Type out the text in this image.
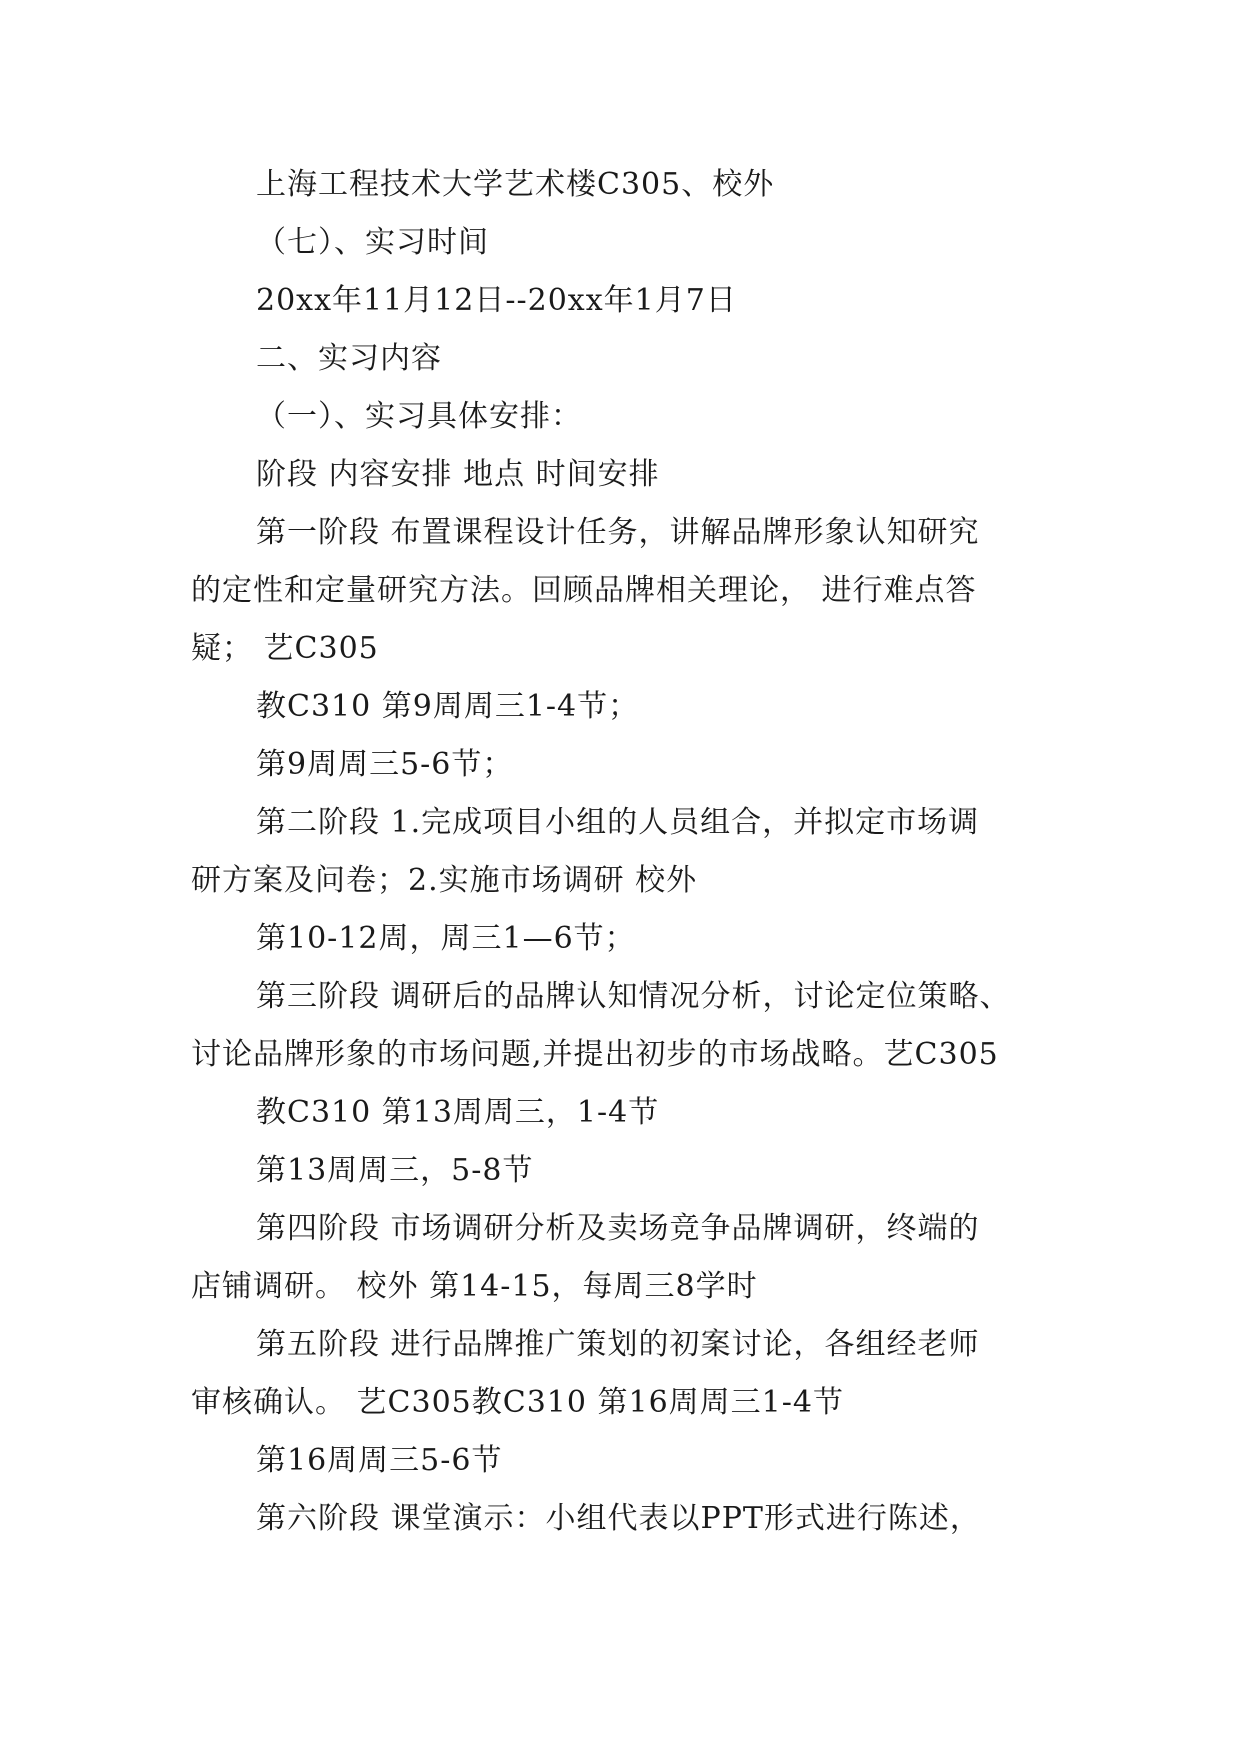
上海工程技术大学艺术楼C305、校外
（七）、实习时间
20xx年11月12日--20xx年1月7日
二、实习内容
（一）、实习具体安排：
阶段 内容安排 地点 时间安排
第一阶段 布置课程设计任务，讲解品牌形象认知研究
的定性和定量研究方法。回顾品牌相关理论， 进行难点答
疑； 艺C305
教C310 第9周周三1-4节；
第9周周三5-6节；
第二阶段 1.完成项目小组的人员组合，并拟定市场调
研方案及问卷；2.实施市场调研 校外
第10-12周，周三1—6节；
第三阶段 调研后的品牌认知情况分析，讨论定位策略、
讨论品牌形象的市场问题,并提出初步的市场战略。艺C305
教C310 第13周周三，1-4节
第13周周三，5-8节
第四阶段 市场调研分析及卖场竞争品牌调研，终端的
店铺调研。 校外 第14-15，每周三8学时
第五阶段 进行品牌推广策划的初案讨论，各组经老师
审核确认。 艺C305教C310 第16周周三1-4节
第16周周三5-6节
第六阶段 课堂演示：小组代表以PPT形式进行陈述，
